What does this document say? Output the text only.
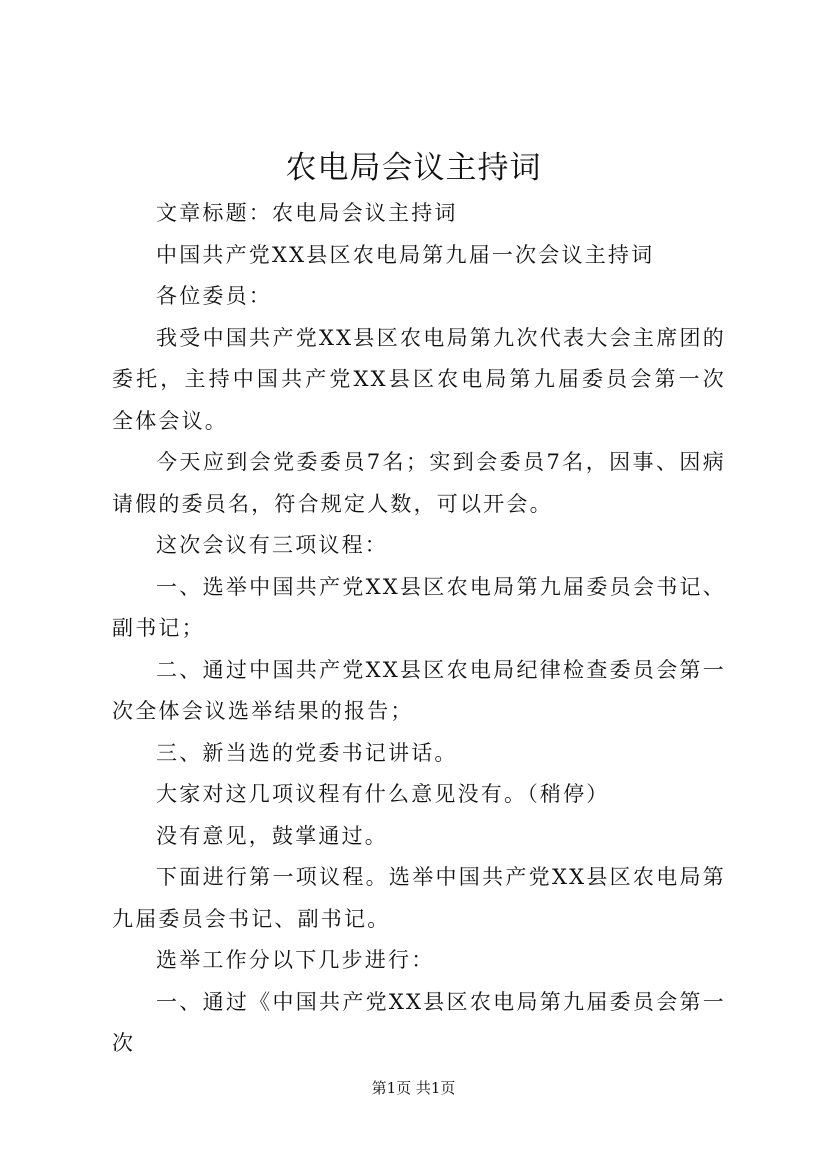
农电局会议主持词

文章标题：农电局会议主持词

中国共产党XX县区农电局第九届一次会议主持词

各位委员：

我受中国共产党XX县区农电局第九次代表大会主席团的委托，主持中国共产党XX县区农电局第九届委员会第一次全体会议。

今天应到会党委委员7名；实到会委员7名，因事、因病请假的委员名，符合规定人数，可以开会。

这次会议有三项议程：

一、选举中国共产党XX县区农电局第九届委员会书记、副书记；

二、通过中国共产党XX县区农电局纪律检查委员会第一次全体会议选举结果的报告；

三、新当选的党委书记讲话。

大家对这几项议程有什么意见没有。（稍停）

没有意见，鼓掌通过。

下面进行第一项议程。选举中国共产党XX县区农电局第九届委员会书记、副书记。

选举工作分以下几步进行：

一、通过《中国共产党XX县区农电局第九届委员会第一次

第1页 共1页
